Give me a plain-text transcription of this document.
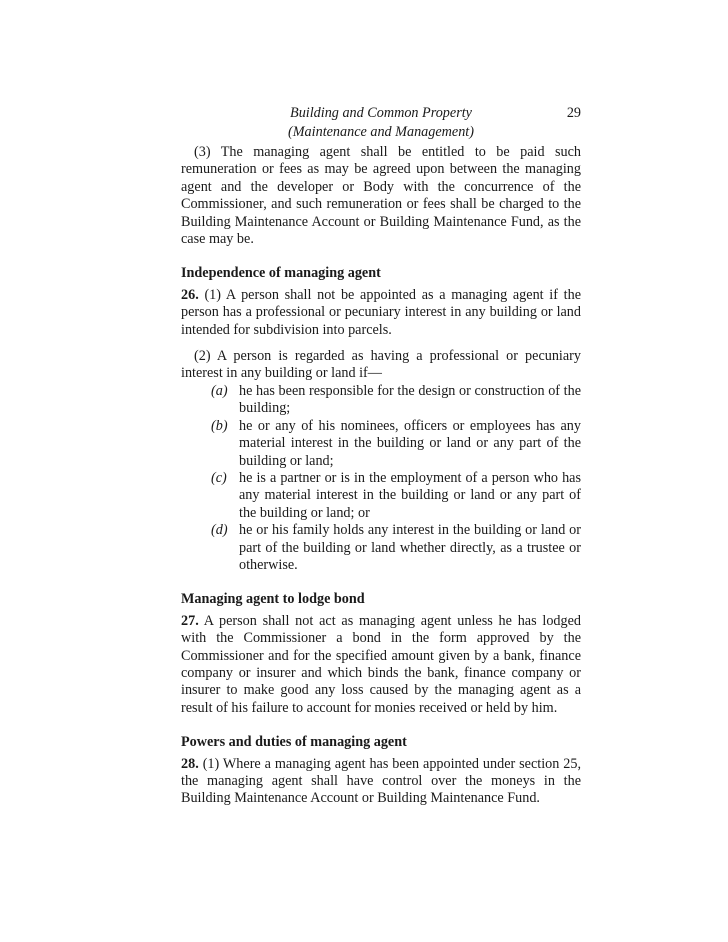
Building and Common Property
(Maintenance and Management)
29

(3) The managing agent shall be entitled to be paid such remuneration or fees as may be agreed upon between the managing agent and the developer or Body with the concurrence of the Commissioner, and such remuneration or fees shall be charged to the Building Maintenance Account or Building Maintenance Fund, as the case may be.

Independence of managing agent

26. (1) A person shall not be appointed as a managing agent if the person has a professional or pecuniary interest in any building or land intended for subdivision into parcels.

(2) A person is regarded as having a professional or pecuniary interest in any building or land if—

(a) he has been responsible for the design or construction of the building;
(b) he or any of his nominees, officers or employees has any material interest in the building or land or any part of the building or land;
(c) he is a partner or is in the employment of a person who has any material interest in the building or land or any part of the building or land; or
(d) he or his family holds any interest in the building or land or part of the building or land whether directly, as a trustee or otherwise.
Managing agent to lodge bond

27. A person shall not act as managing agent unless he has lodged with the Commissioner a bond in the form approved by the Commissioner and for the specified amount given by a bank, finance company or insurer and which binds the bank, finance company or insurer to make good any loss caused by the managing agent as a result of his failure to account for monies received or held by him.

Powers and duties of managing agent

28. (1) Where a managing agent has been appointed under section 25, the managing agent shall have control over the moneys in the Building Maintenance Account or Building Maintenance Fund.
